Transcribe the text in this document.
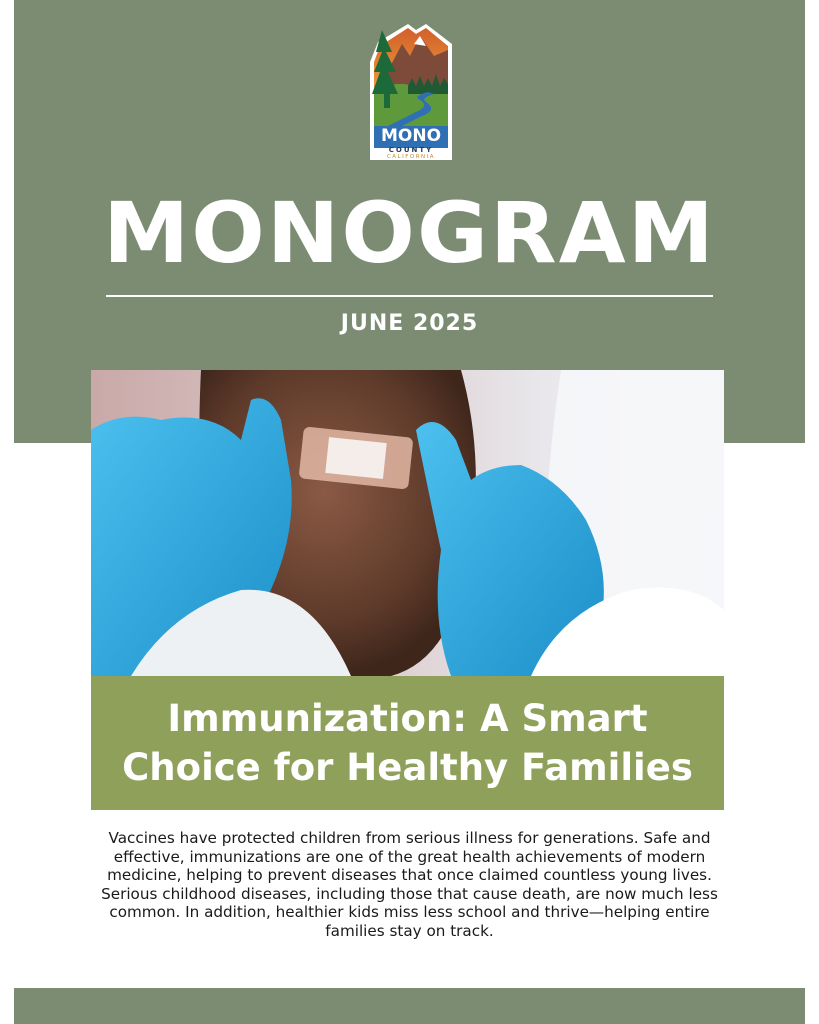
MONO
COUNTY
CALIFORNIA
MONOGRAM
JUNE 2025
Immunization: A Smart
Choice for Healthy Families

Vaccines have protected children from serious illness for generations. Safe and effective, immunizations are one of the great health achievements of modern medicine, helping to prevent diseases that once claimed countless young lives. Serious childhood diseases, including those that cause death, are now much less common. In addition, healthier kids miss less school and thrive—helping entire families stay on track.
